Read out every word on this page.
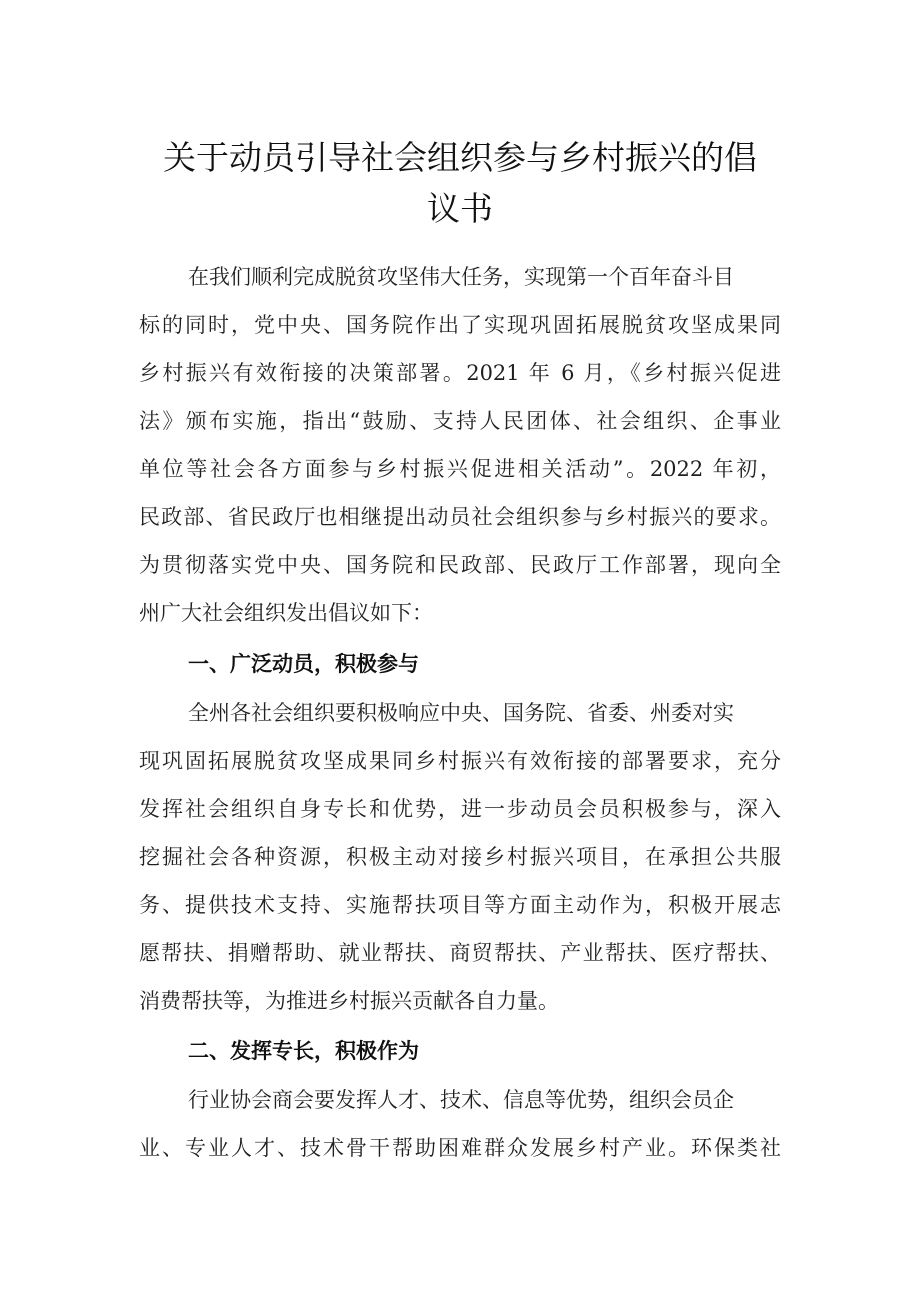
关于动员引导社会组织参与乡村振兴的倡
议书
在我们顺利完成脱贫攻坚伟大任务，实现第一个百年奋斗目
标的同时，党中央、国务院作出了实现巩固拓展脱贫攻坚成果同
乡村振兴有效衔接的决策部署。2021 年 6 月，《乡村振兴促进
法》颁布实施，指出“鼓励、支持人民团体、社会组织、企事业
单位等社会各方面参与乡村振兴促进相关活动”。2022 年初，
民政部、省民政厅也相继提出动员社会组织参与乡村振兴的要求。
为贯彻落实党中央、国务院和民政部、民政厅工作部署，现向全
州广大社会组织发出倡议如下：
一、广泛动员，积极参与
全州各社会组织要积极响应中央、国务院、省委、州委对实
现巩固拓展脱贫攻坚成果同乡村振兴有效衔接的部署要求，充分
发挥社会组织自身专长和优势，进一步动员会员积极参与，深入
挖掘社会各种资源，积极主动对接乡村振兴项目，在承担公共服
务、提供技术支持、实施帮扶项目等方面主动作为，积极开展志
愿帮扶、捐赠帮助、就业帮扶、商贸帮扶、产业帮扶、医疗帮扶、
消费帮扶等，为推进乡村振兴贡献各自力量。
二、发挥专长，积极作为
行业协会商会要发挥人才、技术、信息等优势，组织会员企
业、专业人才、技术骨干帮助困难群众发展乡村产业。环保类社
